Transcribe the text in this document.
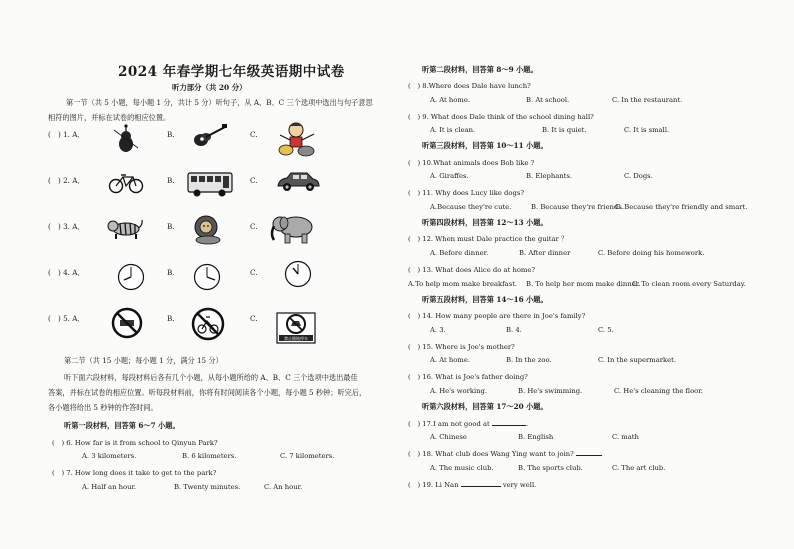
2024 年春学期七年级英语期中试卷
听力部分（共 20 分）
第一节（共 5 小题，每小题 1 分，共计 5 分）听句子，从 A、B、C 三个选项中选出与句子意思
相符的图片，并标在试卷的相应位置。
(　) 1. A．	B.	C.
(　) 2. A．	B.	C.
(　) 3. A．	B.	C.
(　) 4. A．	B.	C.
(　) 5. A．	B.	C.
禁止随地停车
第二节（共 15 小题；每小题 1 分，满分 15 分）
听下面六段材料，每段材料后各有几个小题，从每小题所给的 A、B、C 三个选项中选出最佳
答案，并标在试卷的相应位置。听每段材料前，你将有时间阅读各个小题，每小题 5 秒钟；听完后，
各小题将给出 5 秒钟的作答时间。
听第一段材料，回答第 6～7 小题。
(　) 6. How far is it from school to Qinyun Park?
A. 3 kilometers.	B. 6 kilometers.	C. 7 kilometers.
(　) 7. How long does it take to get to the park?
A. Half an hour.	B. Twenty minutes.	C. An hour.
听第二段材料，回答第 8～9 小题。
(　) 8.Where does Dale have lunch?
A. At home.	B. At school.	C. In the restaurant.
(　) 9. What does Dale think of the school dining hall?
A. It is clean.	B. It is quiet.	C. It is small.
听第三段材料，回答第 10～11 小题。
(　) 10.What animals does Bob like ?
A. Giraffes.	B. Elephants.	C. Dogs.
(　) 11. Why does Lucy like dogs?
A.Because they're cute.	B. Because they're friends.
C. Because they're friendly and smart.
听第四段材料，回答第 12～13 小题。
(　) 12. When must Dale practice the guitar ？
A. Before dinner.	B. After dinner	C. Before doing his homework.
(　) 13. What does Alice do at home?
A.To help mom make breakfast. B. To help her mom make dinner.
C. To clean room every Saturday.
听第五段材料，回答第 14～16 小题。
(　) 14. How many people are there in Joe's family?
A. 3.	B. 4.	C. 5.
(　) 15. Where is Joe's mother?
A. At home.	B. In the zoo.	C. In the supermarket.
(　) 16. What is Joe's father doing?
A. He's working.	B. He's swimming.	C. He's cleaning the floor.
听第六段材料，回答第 17～20 小题。
(　) 17.I am not good at	.
A. Chinese	B. English	C. math
(　) 18. What club does Wang Ying want to join?
A. The music club.	B. The sports club.	C. The art club.
(　) 19. Li Nan	very well.
